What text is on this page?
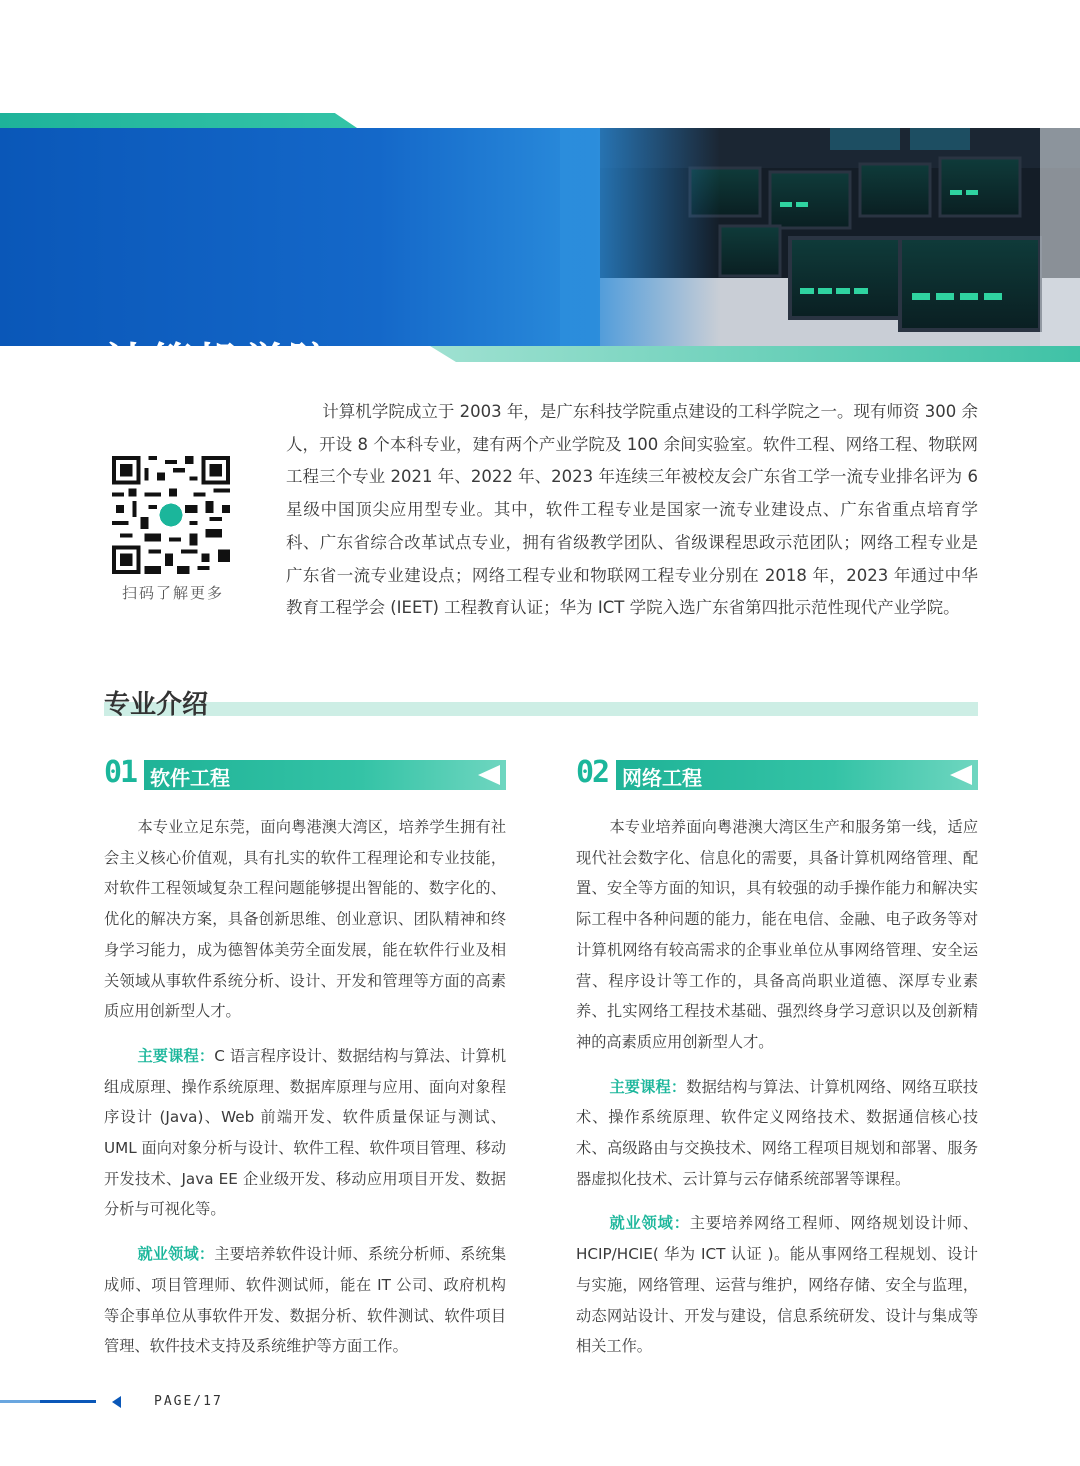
计算机学院
SCHOOL OF COMPUTER SCIENCE & TECHNOLOGY
扫码了解更多
计算机学院成立于 2003 年，是广东科技学院重点建设的工科学院之一。现有师资 300 余人，开设 8 个本科专业，建有两个产业学院及 100 余间实验室。软件工程、网络工程、物联网工程三个专业 2021 年、2022 年、2023 年连续三年被校友会广东省工学一流专业排名评为 6 星级中国顶尖应用型专业。其中，软件工程专业是国家一流专业建设点、广东省重点培育学科、广东省综合改革试点专业，拥有省级教学团队、省级课程思政示范团队；网络工程专业是广东省一流专业建设点；网络工程专业和物联网工程专业分别在 2018 年，2023 年通过中华教育工程学会 (IEET) 工程教育认证；华为 ICT 学院入选广东省第四批示范性现代产业学院。
专业介绍
01 软件工程

本专业立足东莞，面向粤港澳大湾区，培养学生拥有社会主义核心价值观，具有扎实的软件工程理论和专业技能，对软件工程领域复杂工程问题能够提出智能的、数字化的、优化的解决方案，具备创新思维、创业意识、团队精神和终身学习能力，成为德智体美劳全面发展，能在软件行业及相关领域从事软件系统分析、设计、开发和管理等方面的高素质应用创新型人才。

主要课程：C 语言程序设计、数据结构与算法、计算机组成原理、操作系统原理、数据库原理与应用、面向对象程序设计 (Java)、Web 前端开发、软件质量保证与测试、UML 面向对象分析与设计、软件工程、软件项目管理、移动开发技术、Java EE 企业级开发、移动应用项目开发、数据分析与可视化等。

就业领域：主要培养软件设计师、系统分析师、系统集成师、项目管理师、软件测试师，能在 IT 公司、政府机构等企事单位从事软件开发、数据分析、软件测试、软件项目管理、软件技术支持及系统维护等方面工作。

02 网络工程

本专业培养面向粤港澳大湾区生产和服务第一线，适应现代社会数字化、信息化的需要，具备计算机网络管理、配置、安全等方面的知识，具有较强的动手操作能力和解决实际工程中各种问题的能力，能在电信、金融、电子政务等对计算机网络有较高需求的企事业单位从事网络管理、安全运营、程序设计等工作的，具备高尚职业道德、深厚专业素养、扎实网络工程技术基础、强烈终身学习意识以及创新精神的高素质应用创新型人才。

主要课程：数据结构与算法、计算机网络、网络互联技术、操作系统原理、软件定义网络技术、数据通信核心技术、高级路由与交换技术、网络工程项目规划和部署、服务器虚拟化技术、云计算与云存储系统部署等课程。

就业领域：主要培养网络工程师、网络规划设计师、HCIP/HCIE( 华为 ICT 认证 )。能从事网络工程规划、设计与实施，网络管理、运营与维护，网络存储、安全与监理，动态网站设计、开发与建设，信息系统研发、设计与集成等相关工作。

PAGE/17
